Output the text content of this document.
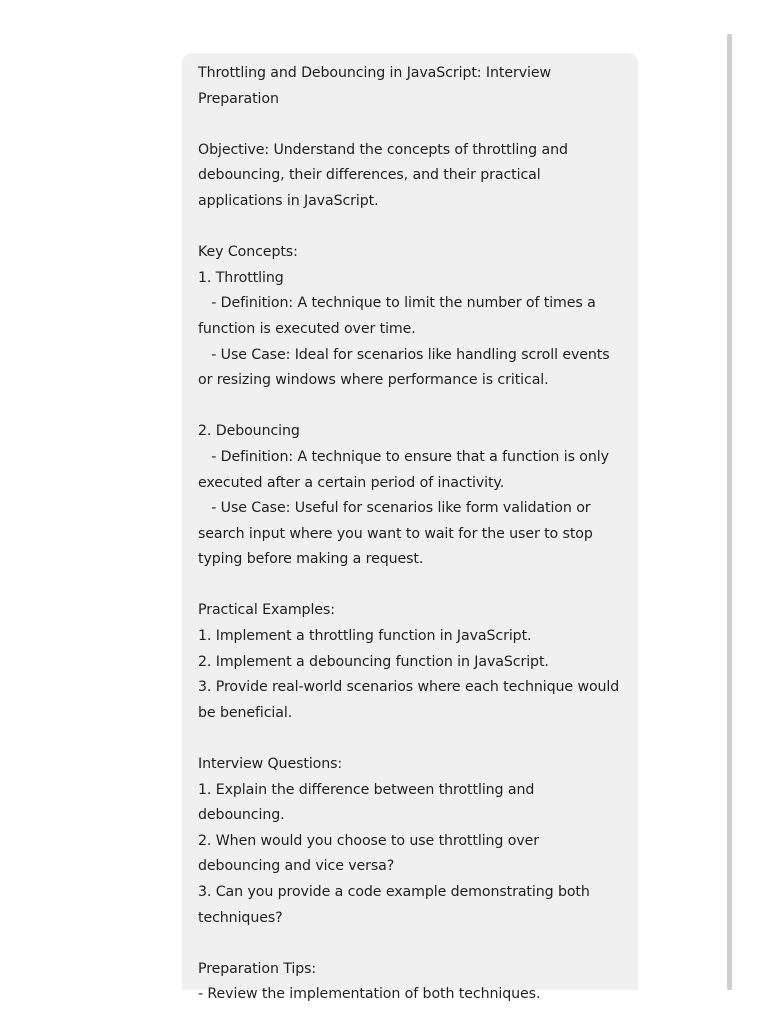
Throttling and Debouncing in JavaScript: Interview Preparation

Objective: Understand the concepts of throttling and debouncing, their differences, and their practical applications in JavaScript.

Key Concepts:
1. Throttling
- Definition: A technique to limit the number of times a function is executed over time.
- Use Case: Ideal for scenarios like handling scroll events or resizing windows where performance is critical.

2. Debouncing
- Definition: A technique to ensure that a function is only executed after a certain period of inactivity.
- Use Case: Useful for scenarios like form validation or search input where you want to wait for the user to stop typing before making a request.

Practical Examples:
1. Implement a throttling function in JavaScript.
2. Implement a debouncing function in JavaScript.
3. Provide real-world scenarios where each technique would be beneficial.

Interview Questions:
1. Explain the difference between throttling and debouncing.
2. When would you choose to use throttling over debouncing and vice versa?
3. Can you provide a code example demonstrating both techniques?

Preparation Tips:
- Review the implementation of both techniques.
